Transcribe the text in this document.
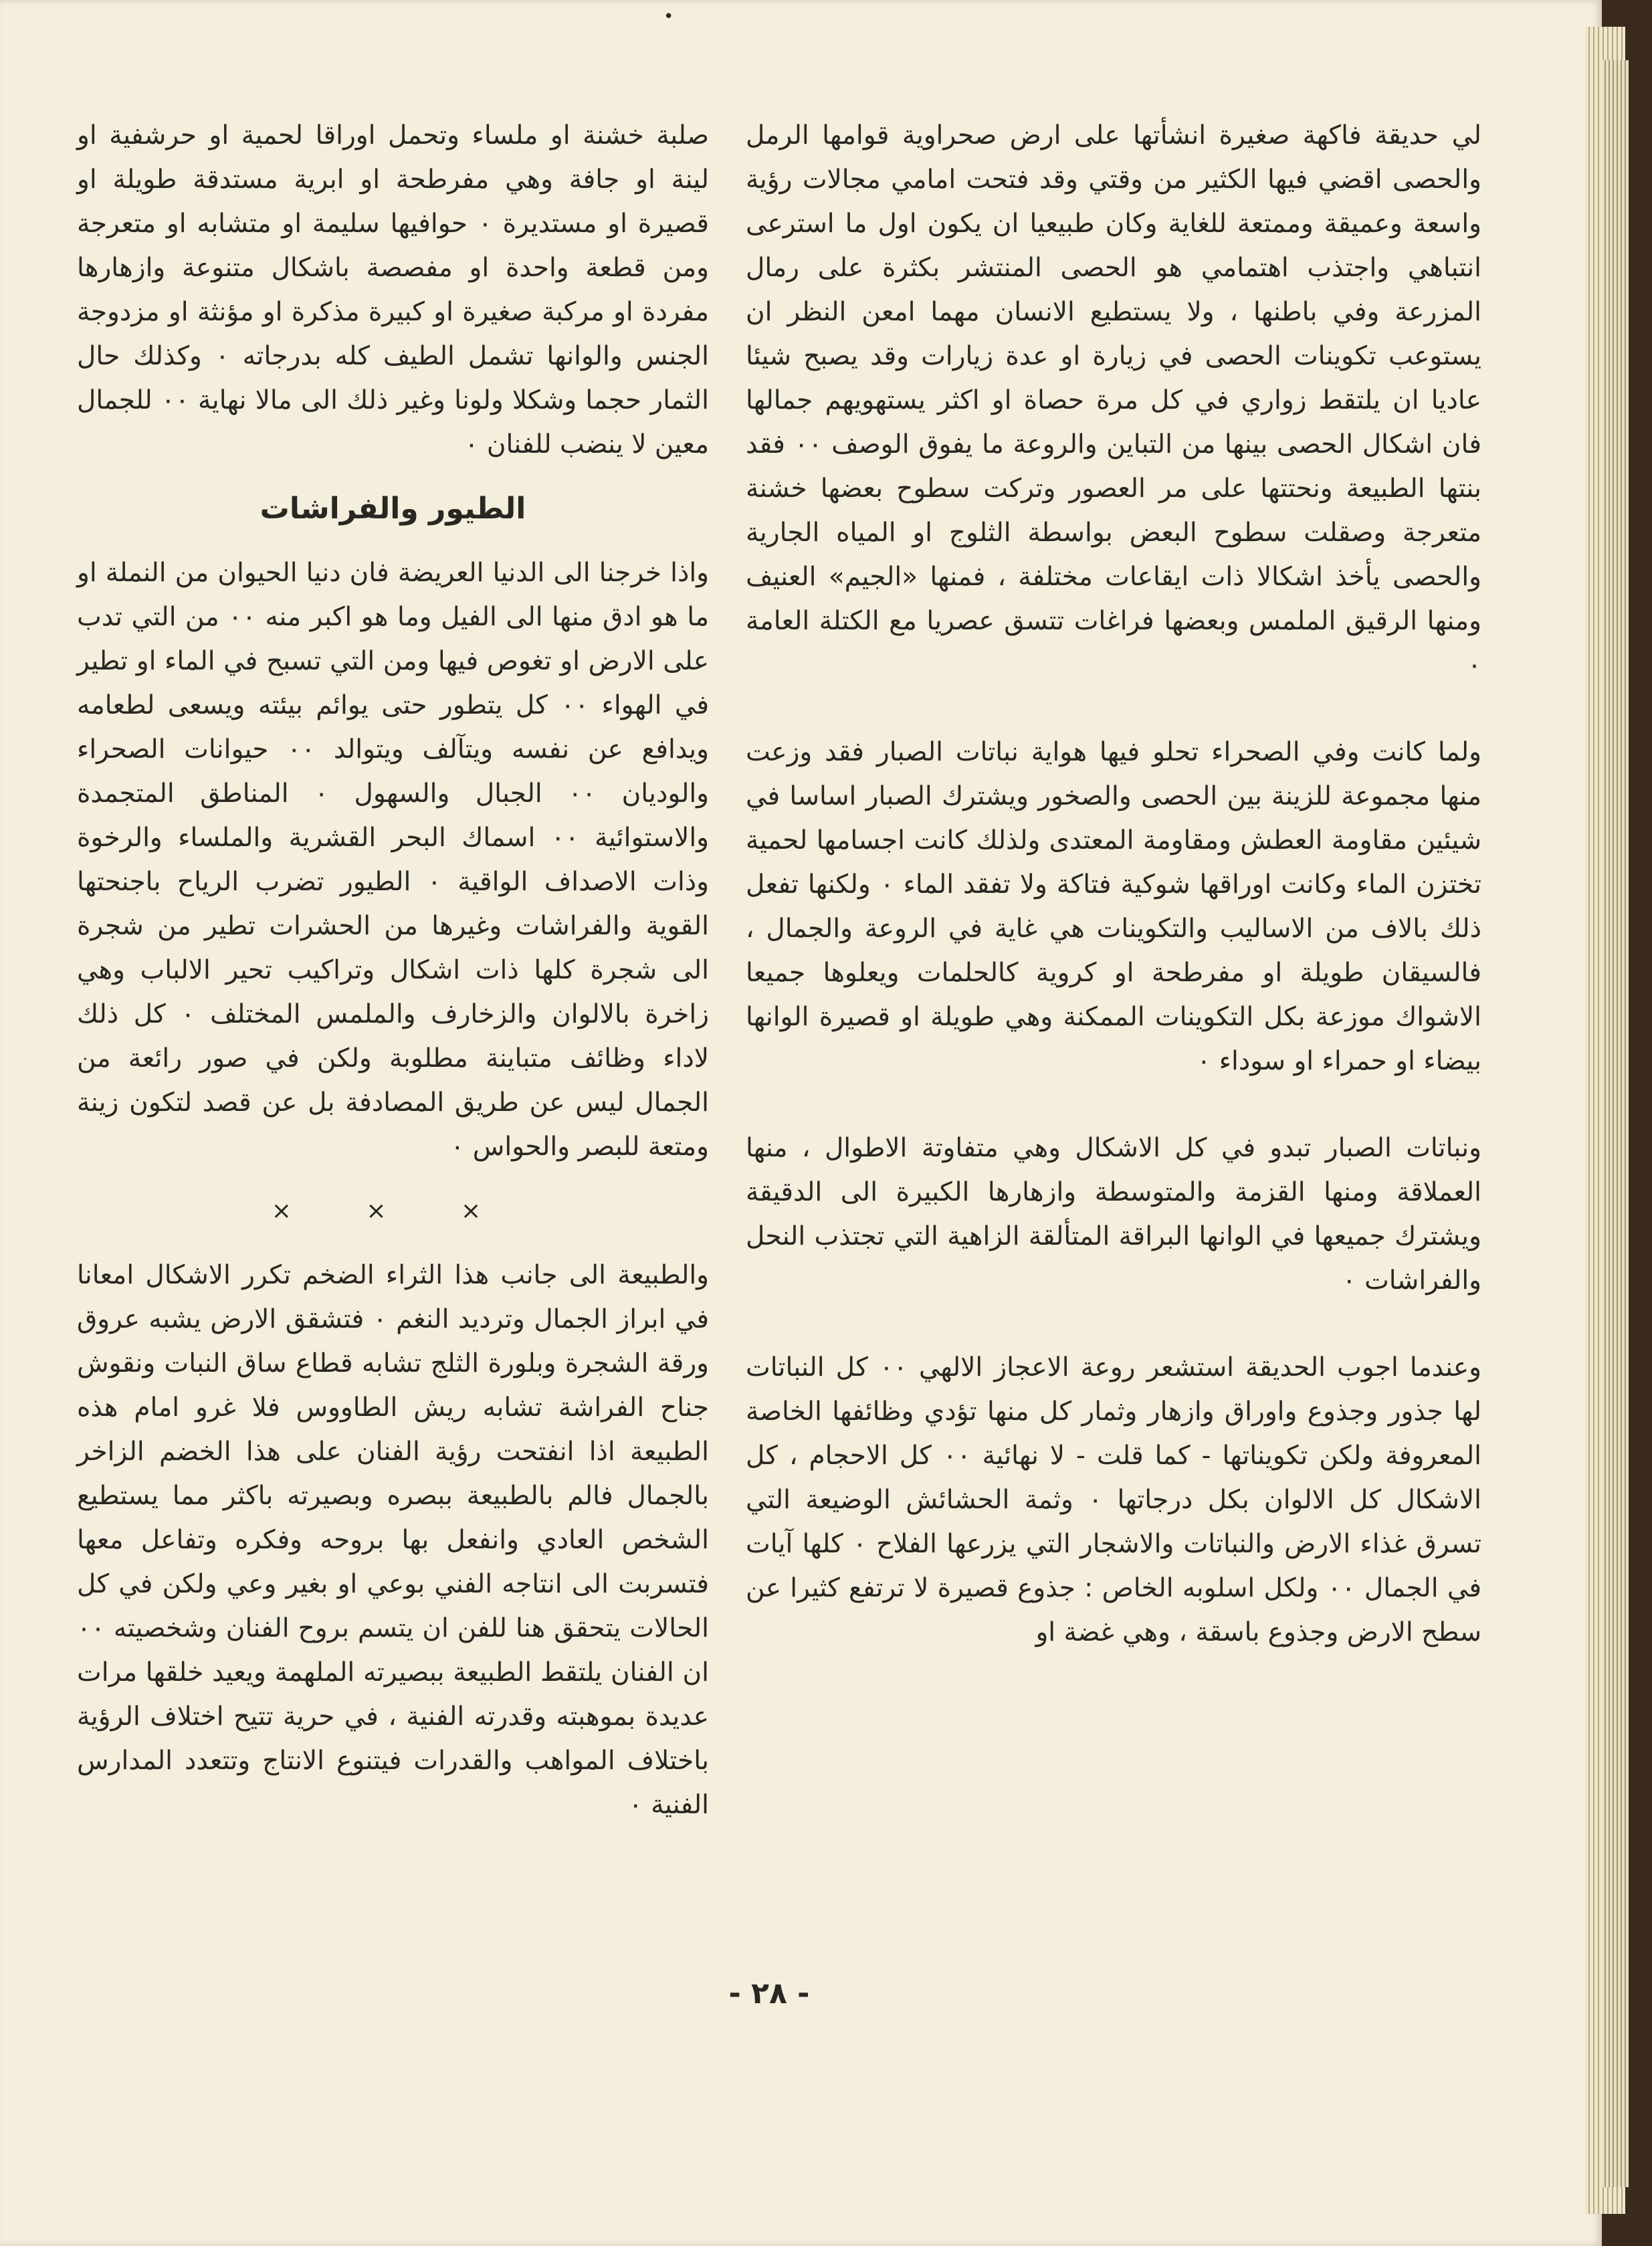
•

لي حديقة فاكهة صغيرة انشأتها على ارض صحراوية قوامها الرمل والحصى اقضي فيها الكثير من وقتي وقد فتحت امامي مجالات رؤية واسعة وعميقة وممتعة للغاية وكان طبيعيا ان يكون اول ما استرعى انتباهي واجتذب اهتمامي هو الحصى المنتشر بكثرة على رمال المزرعة وفي باطنها ، ولا يستطيع الانسان مهما امعن النظر ان يستوعب تكوينات الحصى في زيارة او عدة زيارات وقد يصبح شيئا عاديا ان يلتقط زواري في كل مرة حصاة او اكثر يستهويهم جمالها فان اشكال الحصى بينها من التباين والروعة ما يفوق الوصف ٠٠ فقد بنتها الطبيعة ونحتتها على مر العصور وتركت سطوح بعضها خشنة متعرجة وصقلت سطوح البعض بواسطة الثلوج او المياه الجارية والحصى يأخذ اشكالا ذات ايقاعات مختلفة ، فمنها «الجيم» العنيف ومنها الرقيق الملمس وبعضها فراغات تتسق عصريا مع الكتلة العامة ٠

ولما كانت وفي الصحراء تحلو فيها هواية نباتات الصبار فقد وزعت منها مجموعة للزينة بين الحصى والصخور ويشترك الصبار اساسا في شيئين مقاومة العطش ومقاومة المعتدى ولذلك كانت اجسامها لحمية تختزن الماء وكانت اوراقها شوكية فتاكة ولا تفقد الماء ٠ ولكنها تفعل ذلك بالاف من الاساليب والتكوينات هي غاية في الروعة والجمال ، فالسيقان طويلة او مفرطحة او كروية كالحلمات ويعلوها جميعا الاشواك موزعة بكل التكوينات الممكنة وهي طويلة او قصيرة الوانها بيضاء او حمراء او سوداء ٠

ونباتات الصبار تبدو في كل الاشكال وهي متفاوتة الاطوال ، منها العملاقة ومنها القزمة والمتوسطة وازهارها الكبيرة الى الدقيقة ويشترك جميعها في الوانها البراقة المتألقة الزاهية التي تجتذب النحل والفراشات ٠

وعندما اجوب الحديقة استشعر روعة الاعجاز الالهي ٠٠ كل النباتات لها جذور وجذوع واوراق وازهار وثمار كل منها تؤدي وظائفها الخاصة المعروفة ولكن تكويناتها - كما قلت - لا نهائية ٠٠ كل الاحجام ، كل الاشكال كل الالوان بكل درجاتها ٠ وثمة الحشائش الوضيعة التي تسرق غذاء الارض والنباتات والاشجار التي يزرعها الفلاح ٠ كلها آيات في الجمال ٠٠ ولكل اسلوبه الخاص : جذوع قصيرة لا ترتفع كثيرا عن سطح الارض وجذوع باسقة ، وهي غضة او

صلبة خشنة او ملساء وتحمل اوراقا لحمية او حرشفية او لينة او جافة وهي مفرطحة او ابرية مستدقة طويلة او قصيرة او مستديرة ٠ حوافيها سليمة او متشابه او متعرجة ومن قطعة واحدة او مفصصة باشكال متنوعة وازهارها مفردة او مركبة صغيرة او كبيرة مذكرة او مؤنثة او مزدوجة الجنس والوانها تشمل الطيف كله بدرجاته ٠ وكذلك حال الثمار حجما وشكلا ولونا وغير ذلك الى مالا نهاية ٠٠ للجمال معين لا ينضب للفنان ٠

الطيور والفراشات

واذا خرجنا الى الدنيا العريضة فان دنيا الحيوان من النملة او ما هو ادق منها الى الفيل وما هو اكبر منه ٠٠ من التي تدب على الارض او تغوص فيها ومن التي تسبح في الماء او تطير في الهواء ٠٠ كل يتطور حتى يوائم بيئته ويسعى لطعامه ويدافع عن نفسه ويتآلف ويتوالد ٠٠ حيوانات الصحراء والوديان ٠٠ الجبال والسهول ٠ المناطق المتجمدة والاستوائية ٠٠ اسماك البحر القشرية والملساء والرخوة وذات الاصداف الواقية ٠ الطيور تضرب الرياح باجنحتها القوية والفراشات وغيرها من الحشرات تطير من شجرة الى شجرة كلها ذات اشكال وتراكيب تحير الالباب وهي زاخرة بالالوان والزخارف والملمس المختلف ٠ كل ذلك لاداء وظائف متباينة مطلوبة ولكن في صور رائعة من الجمال ليس عن طريق المصادفة بل عن قصد لتكون زينة ومتعة للبصر والحواس ٠

× × ×

والطبيعة الى جانب هذا الثراء الضخم تكرر الاشكال امعانا في ابراز الجمال وترديد النغم ٠ فتشقق الارض يشبه عروق ورقة الشجرة وبلورة الثلج تشابه قطاع ساق النبات ونقوش جناح الفراشة تشابه ريش الطاووس فلا غرو امام هذه الطبيعة اذا انفتحت رؤية الفنان على هذا الخضم الزاخر بالجمال فالم بالطبيعة ببصره وبصيرته باكثر مما يستطيع الشخص العادي وانفعل بها بروحه وفكره وتفاعل معها فتسربت الى انتاجه الفني بوعي او بغير وعي ولكن في كل الحالات يتحقق هنا للفن ان يتسم بروح الفنان وشخصيته ٠٠ ان الفنان يلتقط الطبيعة ببصيرته الملهمة ويعيد خلقها مرات عديدة بموهبته وقدرته الفنية ، في حرية تتيح اختلاف الرؤية باختلاف المواهب والقدرات فيتنوع الانتاج وتتعدد المدارس الفنية ٠

- ٢٨ -
